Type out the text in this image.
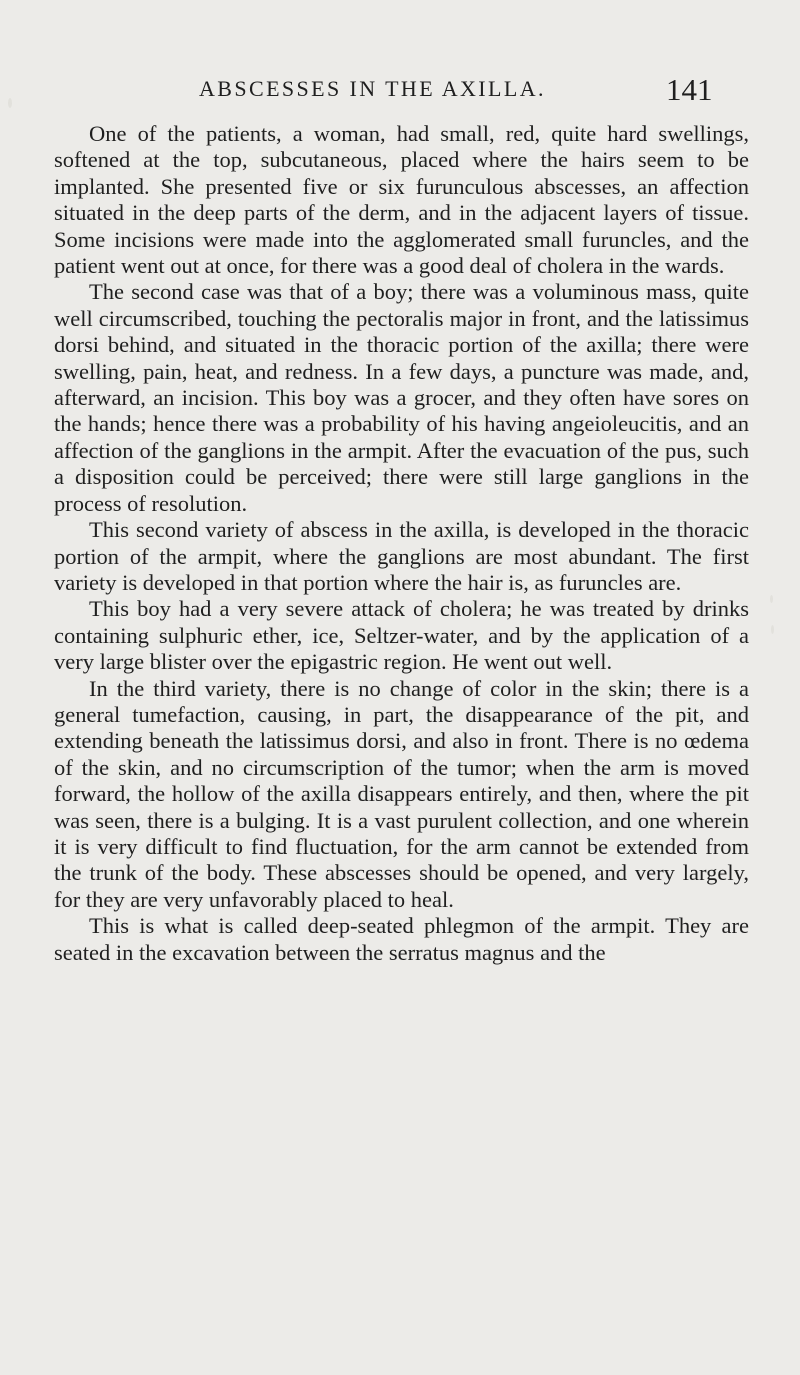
ABSCESSES IN THE AXILLA.	141

One of the patients, a woman, had small, red, quite hard swellings, softened at the top, subcutaneous, placed where the hairs seem to be implanted. She presented five or six furunculous abscesses, an affection situated in the deep parts of the derm, and in the adjacent layers of tissue. Some incisions were made into the agglomerated small furuncles, and the patient went out at once, for there was a good deal of cholera in the wards.

The second case was that of a boy; there was a voluminous mass, quite well circumscribed, touching the pectoralis major in front, and the latissimus dorsi behind, and situated in the thoracic portion of the axilla; there were swelling, pain, heat, and redness. In a few days, a puncture was made, and, afterward, an incision. This boy was a grocer, and they often have sores on the hands; hence there was a probability of his having angeioleucitis, and an affection of the ganglions in the armpit. After the evacuation of the pus, such a disposition could be perceived; there were still large ganglions in the process of resolution.

This second variety of abscess in the axilla, is developed in the thoracic portion of the armpit, where the ganglions are most abundant. The first variety is developed in that portion where the hair is, as furuncles are.

This boy had a very severe attack of cholera; he was treated by drinks containing sulphuric ether, ice, Seltzer-water, and by the application of a very large blister over the epigastric region. He went out well.

In the third variety, there is no change of color in the skin; there is a general tumefaction, causing, in part, the disappearance of the pit, and extending beneath the latissimus dorsi, and also in front. There is no œdema of the skin, and no circumscription of the tumor; when the arm is moved forward, the hollow of the axilla disappears entirely, and then, where the pit was seen, there is a bulging. It is a vast purulent collection, and one wherein it is very difficult to find fluctuation, for the arm cannot be extended from the trunk of the body. These abscesses should be opened, and very largely, for they are very unfavorably placed to heal.

This is what is called deep-seated phlegmon of the armpit. They are seated in the excavation between the serratus magnus and the
